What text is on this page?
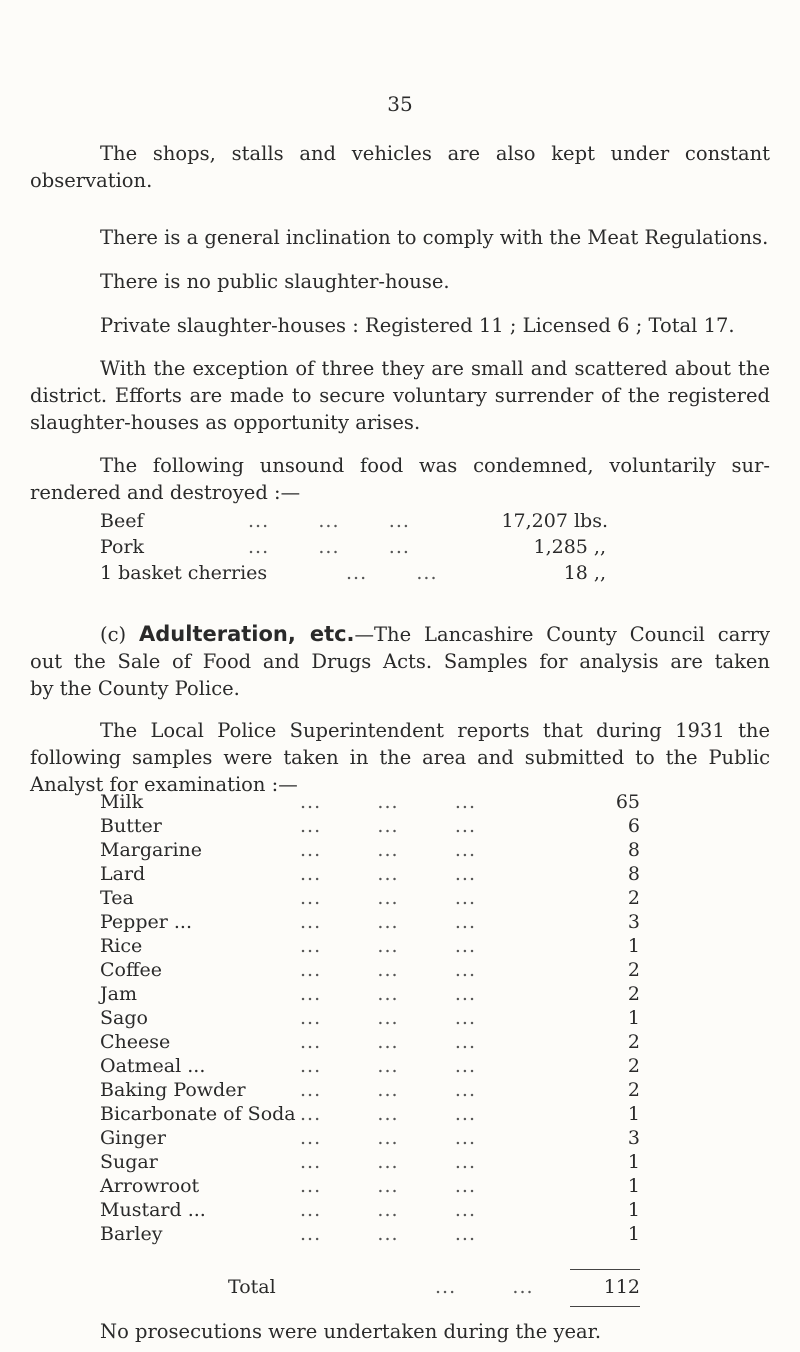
35
The shops, stalls and vehicles are also kept under constant
observation.
There is a general inclination to comply with the Meat Regulations.
There is no public slaughter-house.
Private slaughter-houses : Registered 11 ; Licensed 6 ; Total 17.
With the exception of three they are small and scattered about the
district. Efforts are made to secure voluntary surrender of the registered
slaughter-houses as opportunity arises.
The following unsound food was condemned, voluntarily sur-
rendered and destroyed :—
Beef	...       ...       ...	17,207 lbs.
Pork	...       ...       ...	1,285 ,,
1 basket cherries	...       ...	18 ,,
(c) Adulteration, etc.—The Lancashire County Council carry
out the Sale of Food and Drugs Acts. Samples for analysis are taken
by the County Police.
The Local Police Superintendent reports that during 1931 the
following samples were taken in the area and submitted to the Public
Analyst for examination :—
Milk	...        ...        ...	65
Butter	...        ...        ...	6
Margarine	...        ...        ...	8
Lard	...        ...        ...	8
Tea	...        ...        ...	2
Pepper ...	...        ...        ...	3
Rice	...        ...        ...	1
Coffee	...        ...        ...	2
Jam	...        ...        ...	2
Sago	...        ...        ...	1
Cheese	...        ...        ...	2
Oatmeal ...	...        ...        ...	2
Baking Powder	...        ...        ...	2
Bicarbonate of Soda ...        ...        ...	1
Ginger	...        ...        ...	3
Sugar	...        ...        ...	1
Arrowroot	...        ...        ...	1
Mustard ...	...        ...        ...	1
Barley	...        ...        ...	1
Total	...        ...	112
No prosecutions were undertaken during the year.
